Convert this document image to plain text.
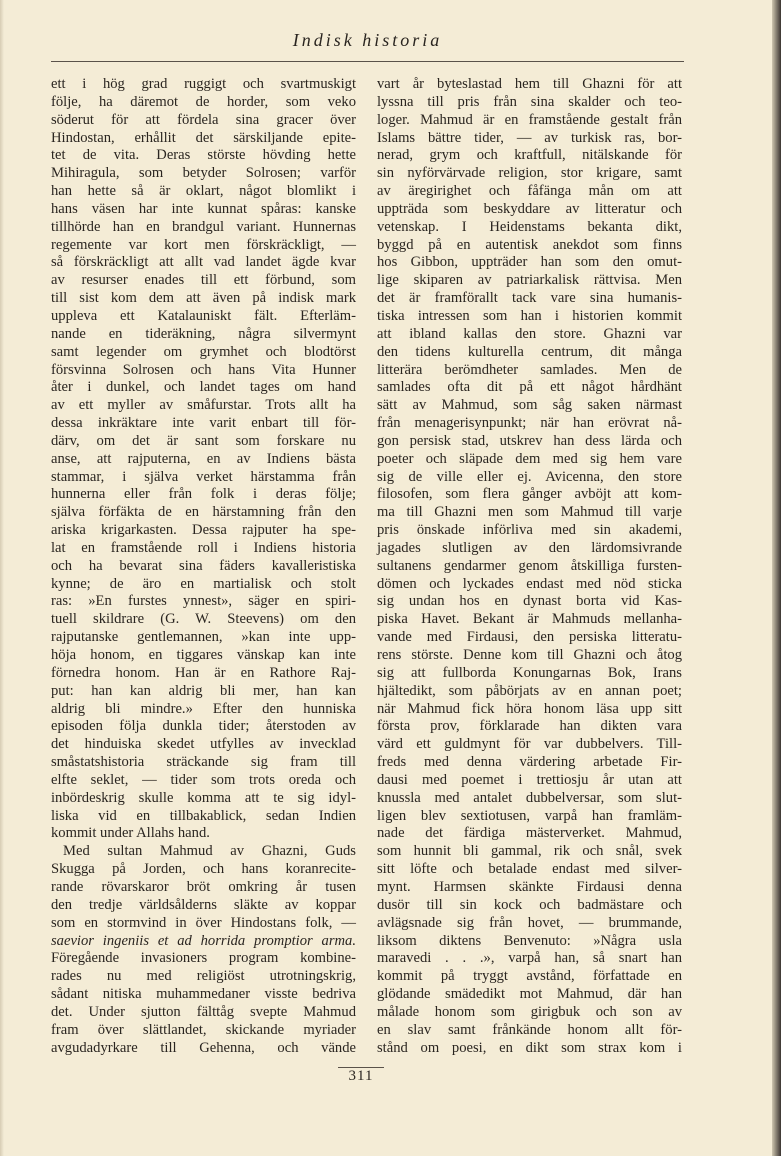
Indisk historia
ett i hög grad ruggigt och svartmuskigt
följe, ha däremot de horder, som veko
söderut för att fördela sina gracer över
Hindostan, erhållit det särskiljande epite-
tet de vita. Deras störste hövding hette
Mihiragula, som betyder Solrosen; varför
han hette så är oklart, något blomlikt i
hans väsen har inte kunnat spåras: kanske
tillhörde han en brandgul variant. Hunnernas
regemente var kort men förskräckligt, —
så förskräckligt att allt vad landet ägde kvar
av resurser enades till ett förbund, som
till sist kom dem att även på indisk mark
uppleva ett Katalauniskt fält. Efterläm-
nande en tideräkning, några silvermynt
samt legender om grymhet och blodtörst
försvinna Solrosen och hans Vita Hunner
åter i dunkel, och landet tages om hand
av ett myller av småfurstar. Trots allt ha
dessa inkräktare inte varit enbart till för-
därv, om det är sant som forskare nu
anse, att rajputerna, en av Indiens bästa
stammar, i själva verket härstamma från
hunnerna eller från folk i deras följe;
själva förfäkta de en härstamning från den
ariska krigarkasten. Dessa rajputer ha spe-
lat en framstående roll i Indiens historia
och ha bevarat sina fäders kavalleristiska
kynne; de äro en martialisk och stolt
ras: »En furstes ynnest», säger en spiri-
tuell skildrare (G. W. Steevens) om den
rajputanske gentlemannen, »kan inte upp-
höja honom, en tiggares vänskap kan inte
förnedra honom. Han är en Rathore Raj-
put: han kan aldrig bli mer, han kan
aldrig bli mindre.» Efter den hunniska
episoden följa dunkla tider; återstoden av
det hinduiska skedet utfylles av invecklad
småstatshistoria sträckande sig fram till
elfte seklet, — tider som trots oreda och
inbördeskrig skulle komma att te sig idyl-
liska vid en tillbakablick, sedan Indien
kommit under Allahs hand.
Med sultan Mahmud av Ghazni, Guds
Skugga på Jorden, och hans koranrecite-
rande rövarskaror bröt omkring år tusen
den tredje världsålderns släkte av koppar
som en stormvind in över Hindostans folk, —
saevior ingeniis et ad horrida promptior arma.
Föregående invasioners program kombine-
rades nu med religiöst utrotningskrig,
sådant nitiska muhammedaner visste bedriva
det. Under sjutton fälttåg svepte Mahmud
fram över slättlandet, skickande myriader
avgudadyrkare till Gehenna, och vände
vart år byteslastad hem till Ghazni för att
lyssna till pris från sina skalder och teo-
loger. Mahmud är en framstående gestalt från
Islams bättre tider, — av turkisk ras, bor-
nerad, grym och kraftfull, nitälskande för
sin nyförvärvade religion, stor krigare, samt
av äregirighet och fåfänga mån om att
uppträda som beskyddare av litteratur och
vetenskap. I Heidenstams bekanta dikt,
byggd på en autentisk anekdot som finns
hos Gibbon, uppträder han som den omut-
lige skiparen av patriarkalisk rättvisa. Men
det är framförallt tack vare sina humanis-
tiska intressen som han i historien kommit
att ibland kallas den store. Ghazni var
den tidens kulturella centrum, dit många
litterära berömdheter samlades. Men de
samlades ofta dit på ett något hårdhänt
sätt av Mahmud, som såg saken närmast
från menagerisynpunkt; när han erövrat nå-
gon persisk stad, utskrev han dess lärda och
poeter och släpade dem med sig hem vare
sig de ville eller ej. Avicenna, den store
filosofen, som flera gånger avböjt att kom-
ma till Ghazni men som Mahmud till varje
pris önskade införliva med sin akademi,
jagades slutligen av den lärdomsivrande
sultanens gendarmer genom åtskilliga fursten-
dömen och lyckades endast med nöd sticka
sig undan hos en dynast borta vid Kas-
piska Havet. Bekant är Mahmuds mellanha-
vande med Firdausi, den persiska litteratu-
rens störste. Denne kom till Ghazni och åtog
sig att fullborda Konungarnas Bok, Irans
hjältedikt, som påbörjats av en annan poet;
när Mahmud fick höra honom läsa upp sitt
första prov, förklarade han dikten vara
värd ett guldmynt för var dubbelvers. Till-
freds med denna värdering arbetade Fir-
dausi med poemet i trettiosju år utan att
knussla med antalet dubbelversar, som slut-
ligen blev sextiotusen, varpå han framläm-
nade det färdiga mästerverket. Mahmud,
som hunnit bli gammal, rik och snål, svek
sitt löfte och betalade endast med silver-
mynt. Harmsen skänkte Firdausi denna
dusör till sin kock och badmästare och
avlägsnade sig från hovet, — brummande,
liksom diktens Benvenuto: »Några usla
maravedi . . .», varpå han, så snart han
kommit på tryggt avstånd, författade en
glödande smädedikt mot Mahmud, där han
målade honom som girigbuk och son av
en slav samt frånkände honom allt för-
stånd om poesi, en dikt som strax kom i
311
